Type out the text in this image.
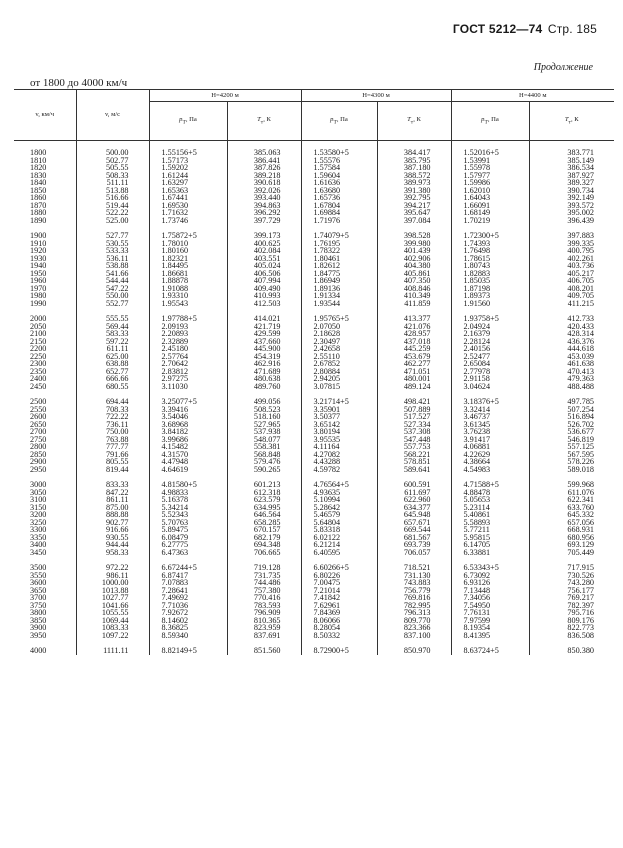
ГОСТ 5212—74 Стр. 185
Продолжение
от 1800 до 4000 км/ч
v, км/ч	v, м/с	H=4200 м		H=4300 м		H=4400 м	
		$p_T$, Па	$T_т$, К	$p_T$, Па	$T_т$, К	$p_T$, Па	$T_т$, К

1800	500.00	1.55156+5	385.063	1.53580+5	384.417	1.52016+5	383.771
1810	502.77	1.57173	386.441	1.55576	385.795	1.53991	385.149
1820	505.55	1.59202	387.826	1.57584	387.180	1.55978	386.534
1830	508.33	1.61244	389.218	1.59604	388.572	1.57977	387.927
1840	511.11	1.63297	390.618	1.61636	389.973	1.59986	389.327
1850	513.88	1.65363	392.026	1.63680	391.380	1.62010	390.734
1860	516.66	1.67441	393.440	1.65736	392.795	1.64043	392.149
1870	519.44	1.69530	394.863	1.67804	394.217	1.66091	393.572
1880	522.22	1.71632	396.292	1.69884	395.647	1.68149	395.002
1890	525.00	1.73746	397.729	1.71976	397.084	1.70219	396.439

1900	527.77	1.75872+5	399.173	1.74079+5	398.528	1.72300+5	397.883
1910	530.55	1.78010	400.625	1.76195	399.980	1.74393	399.335
1920	533.33	1.80160	402.084	1.78322	401.439	1.76498	400.795
1930	536.11	1.82321	403.551	1.80461	402.906	1.78615	402.261
1940	538.88	1.84495	405.024	1.82612	404.380	1.80743	403.736
1950	541.66	1.86681	406.506	1.84775	405.861	1.82883	405.217
1960	544.44	1.88878	407.994	1.86949	407.350	1.85035	406.705
1970	547.22	1.91088	409.490	1.89136	408.846	1.87198	408.201
1980	550.00	1.93310	410.993	1.91334	410.349	1.89373	409.705
1990	552.77	1.95543	412.503	1.93544	411.859	1.91560	411.215

2000	555.55	1.97788+5	414.021	1.95765+5	413.377	1.93758+5	412.733
2050	569.44	2.09193	421.719	2.07050	421.076	2.04924	420.433
2100	583.33	2.20893	429.599	2.18628	428.957	2.16379	428.314
2150	597.22	2.32889	437.660	2.30497	437.018	2.28124	436.376
2200	611.11	2.45180	445.900	2.42658	445.259	2.40156	444.618
2250	625.00	2.57764	454.319	2.55110	453.679	2.52477	453.039
2300	638.88	2.70642	462.916	2.67852	462.277	2.65084	461.638
2350	652.77	2.83812	471.689	2.80884	471.051	2.77978	470.413
2400	666.66	2.97275	480.638	2.94205	480.001	2.91158	479.363
2450	680.55	3.11030	489.760	3.07815	489.124	3.04624	488.488

2500	694.44	3.25077+5	499.056	3.21714+5	498.421	3.18376+5	497.785
2550	708.33	3.39416	508.523	3.35901	507.889	3.32414	507.254
2600	722.22	3.54046	518.160	3.50377	517.527	3.46737	516.894
2650	736.11	3.68968	527.965	3.65142	527.334	3.61345	526.702
2700	750.00	3.84182	537.938	3.80194	537.308	3.76238	536.677
2750	763.88	3.99686	548.077	3.95535	547.448	3.91417	546.819
2800	777.77	4.15482	558.381	4.11164	557.753	4.06881	557.125
2850	791.66	4.31570	568.848	4.27082	568.221	4.22629	567.595
2900	805.55	4.47948	579.476	4.43288	578.851	4.38664	578.226
2950	819.44	4.64619	590.265	4.59782	589.641	4.54983	589.018

3000	833.33	4.81580+5	601.213	4.76564+5	600.591	4.71588+5	599.968
3050	847.22	4.98833	612.318	4.93635	611.697	4.88478	611.076
3100	861.11	5.16378	623.579	5.10994	622.960	5.05653	622.341
3150	875.00	5.34214	634.995	5.28642	634.377	5.23114	633.760
3200	888.88	5.52343	646.564	5.46579	645.948	5.40861	645.332
3250	902.77	5.70763	658.285	5.64804	657.671	5.58893	657.056
3300	916.66	5.89475	670.157	5.83318	669.544	5.77211	668.931
3350	930.55	6.08479	682.179	6.02122	681.567	5.95815	680.956
3400	944.44	6.27775	694.348	6.21214	693.739	6.14705	693.129
3450	958.33	6.47363	706.665	6.40595	706.057	6.33881	705.449

3500	972.22	6.67244+5	719.128	6.60266+5	718.521	6.53343+5	717.915
3550	986.11	6.87417	731.735	6.80226	731.130	6.73092	730.526
3600	1000.00	7.07883	744.486	7.00475	743.883	6.93126	743.280
3650	1013.88	7.28641	757.380	7.21014	756.779	7.13448	756.177
3700	1027.77	7.49692	770.416	7.41842	769.816	7.34056	769.217
3750	1041.66	7.71036	783.593	7.62961	782.995	7.54950	782.397
3800	1055.55	7.92672	796.909	7.84369	796.313	7.76131	795.716
3850	1069.44	8.14602	810.365	8.06066	809.770	7.97599	809.176
3900	1083.33	8.36825	823.959	8.28054	823.366	8.19354	822.773
3950	1097.22	8.59340	837.691	8.50332	837.100	8.41395	836.508

4000	1111.11	8.82149+5	851.560	8.72900+5	850.970	8.63724+5	850.380
